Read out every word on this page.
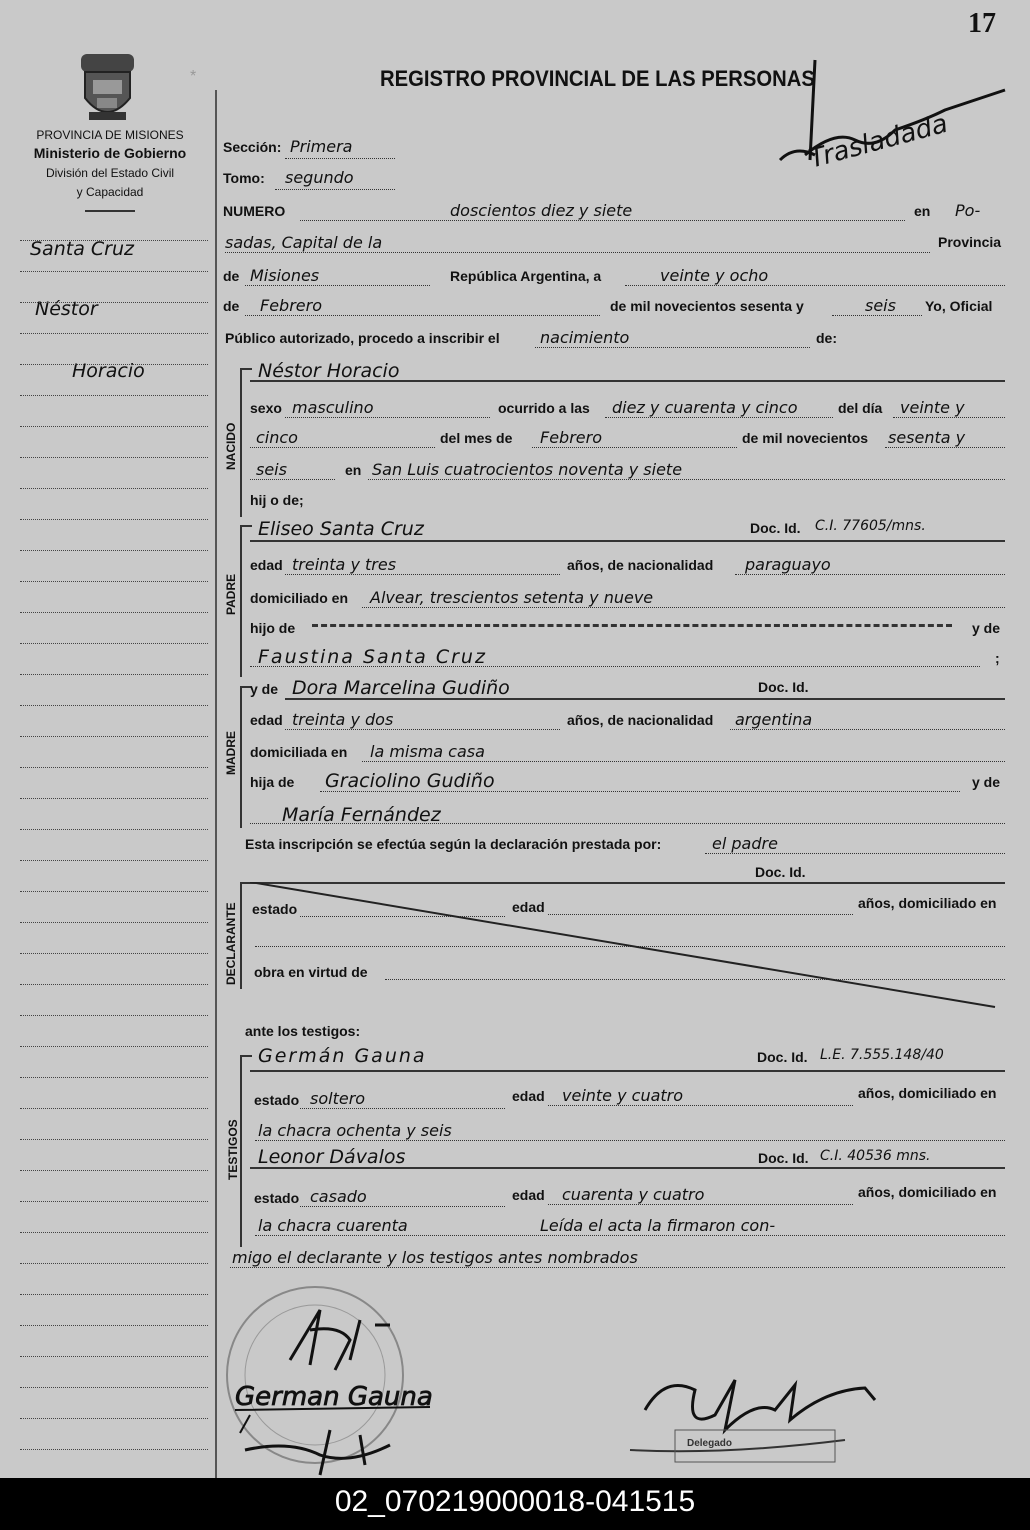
17
*	REGISTRO PROVINCIAL DE LAS PERSONAS
PROVINCIA DE MISIONES
Ministerio de Gobierno
División del Estado Civil
y Capacidad
Trasladada
Santa Cruz
Néstor
Horacio
Sección: Primera
Tomo: segundo
NUMERO	doscientos diez y siete	en Po-
sadas, Capital de la	Provincia
de Misiones	República Argentina, a	veinte y ocho
de Febrero	de mil novecientos sesenta y	seis Yo, Oficial
Público autorizado, procedo a inscribir el	nacimiento	de:
NACIDO
Néstor Horacio
sexo masculino	ocurrido a las diez y cuarenta y cinco	del día veinte y
cinco	del mes de Febrero	de mil novecientos sesenta y
seis	en San Luis cuatrocientos noventa y siete
hij o de;
PADRE
Eliseo Santa Cruz	Doc. Id. C.I. 77605/mns.
edad treinta y tres	años, de nacionalidad paraguayo
domiciliado en Alvear, trescientos setenta y nueve
hijo de	y de
Faustina Santa Cruz	;
MADRE
y de Dora Marcelina Gudiño	Doc. Id.
edad treinta y dos	años, de nacionalidad argentina
domiciliada en la misma casa
hija de Graciolino Gudiño	y de
María Fernández
Esta inscripción se efectúa según la declaración prestada por:	el padre
DECLARANTE
Doc. Id.
estado	edad	años, domiciliado en
obra en virtud de
ante los testigos:
TESTIGOS
Germán Gauna	Doc. Id. L.E. 7.555.148/40
estado soltero	edad veinte y cuatro	años, domiciliado en
la chacra ochenta y seis
Leonor Dávalos	Doc. Id. C.I. 40536 mns.
estado casado	edad cuarenta y cuatro	años, domiciliado en
la chacra cuarenta	Leída el acta la firmaron con-
migo el declarante y los testigos antes nombrados
German Gauna
Delegado
02_070219000018-041515
